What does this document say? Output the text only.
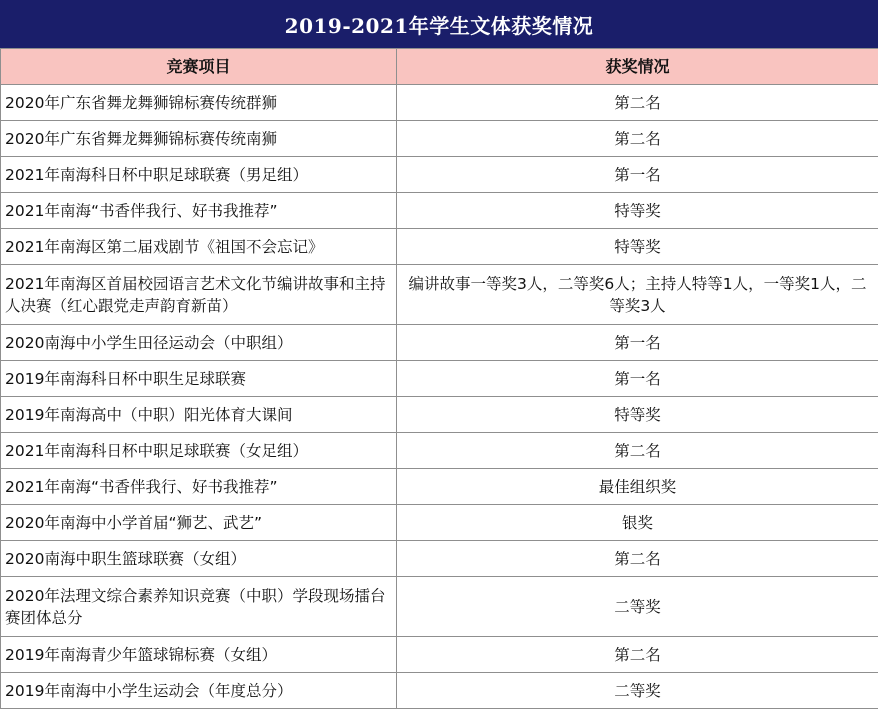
2019-2021年学生文体获奖情况
竞赛项目	获奖情况
2020年广东省舞龙舞狮锦标赛传统群狮	第二名
2020年广东省舞龙舞狮锦标赛传统南狮	第二名
2021年南海科日杯中职足球联赛（男足组）	第一名
2021年南海“书香伴我行、好书我推荐”	特等奖
2021年南海区第二届戏剧节《祖国不会忘记》	特等奖
2021年南海区首届校园语言艺术文化节编讲故事和主持人决赛（红心跟党走声韵育新苗）	编讲故事一等奖3人，二等奖6人；主持人特等1人，一等奖1人，二等奖3人
2020南海中小学生田径运动会（中职组）	第一名
2019年南海科日杯中职生足球联赛	第一名
2019年南海高中（中职）阳光体育大课间	特等奖
2021年南海科日杯中职足球联赛（女足组）	第二名
2021年南海“书香伴我行、好书我推荐”	最佳组织奖
2020年南海中小学首届“狮艺、武艺”	银奖
2020南海中职生篮球联赛（女组）	第二名
2020年法理文综合素养知识竞赛（中职）学段现场擂台赛团体总分	二等奖
2019年南海青少年篮球锦标赛（女组）	第二名
2019年南海中小学生运动会（年度总分）	二等奖
